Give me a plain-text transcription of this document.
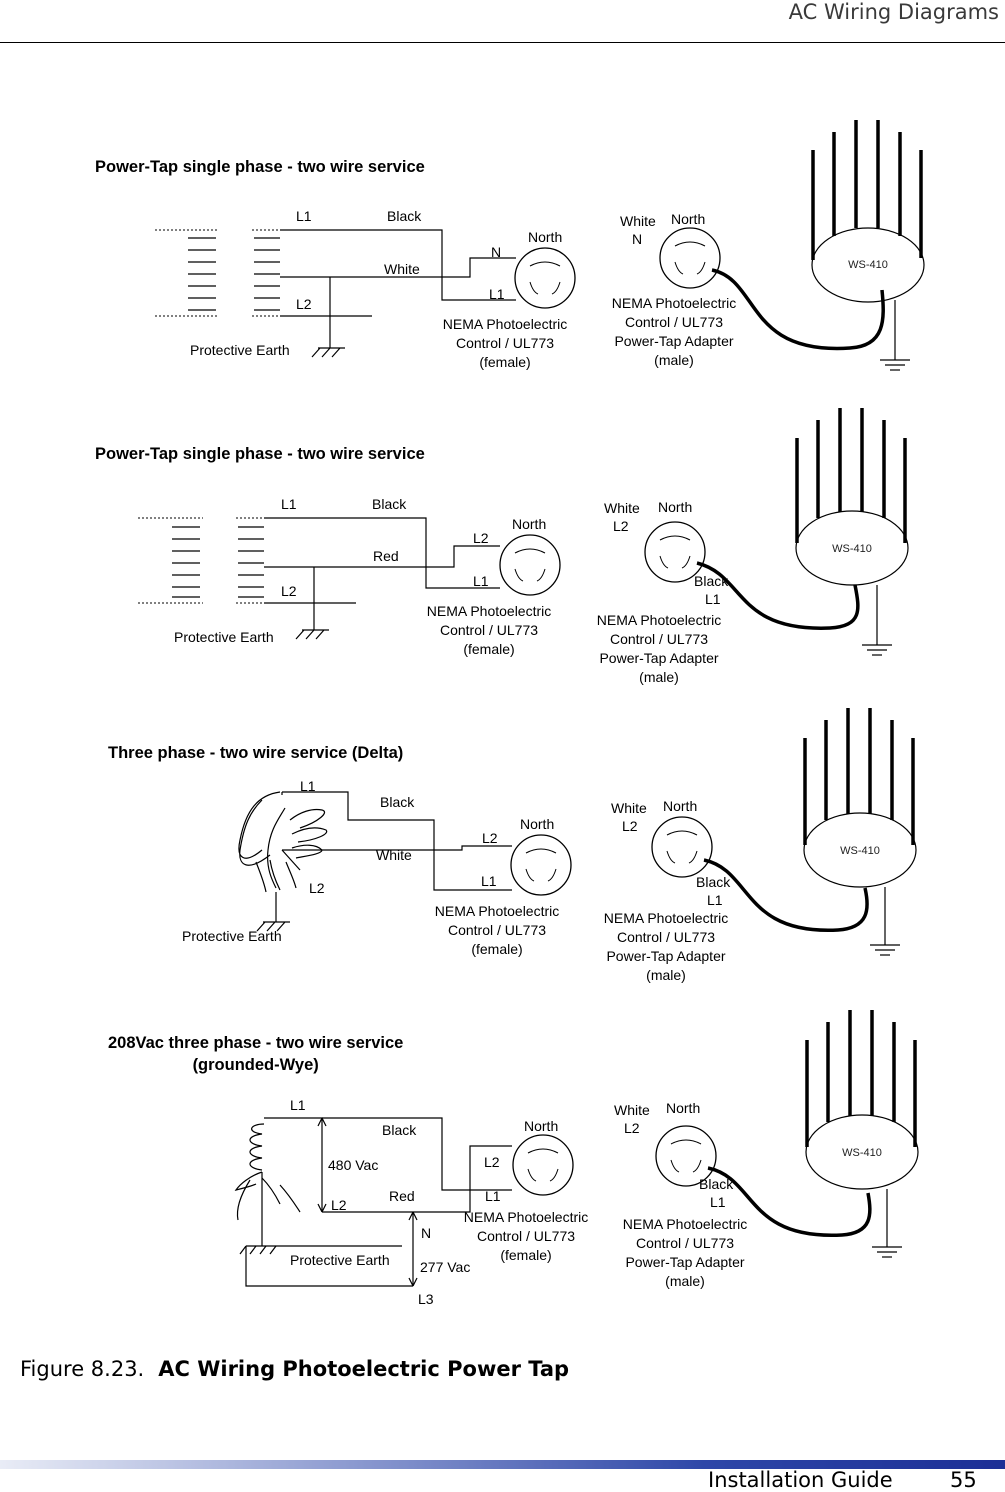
AC Wiring Diagrams
Power-Tap single phase - two wire service
L1
L2
Black
White
Protective Earth
North
N
L1
NEMA Photoelectric
Control / UL773
(female)
White
N
North
NEMA Photoelectric
Control / UL773
Power-Tap Adapter
(male)
WS-410
Power-Tap single phase - two wire service
L1
L2
Black
Red
Protective Earth
North
L2
L1
NEMA Photoelectric
Control / UL773
(female)
White
L2
North
Black
L1
NEMA Photoelectric
Control / UL773
Power-Tap Adapter
(male)
WS-410
Three phase - two wire service (Delta)
L1
L2
Black
White
Protective Earth
North
L2
L1
NEMA Photoelectric
Control / UL773
(female)
White
L2
North
Black
L1
NEMA Photoelectric
Control / UL773
Power-Tap Adapter
(male)
WS-410
208Vac three phase - two wire service
(grounded-Wye)
L1
L2
Black
Red
480 Vac
N
277 Vac
L3
Protective Earth
North
L2
L1
NEMA Photoelectric
Control / UL773
(female)
White
L2
North
Black
L1
NEMA Photoelectric
Control / UL773
Power-Tap Adapter
(male)
WS-410
Figure 8.23. AC Wiring Photoelectric Power Tap
Installation Guide	55
